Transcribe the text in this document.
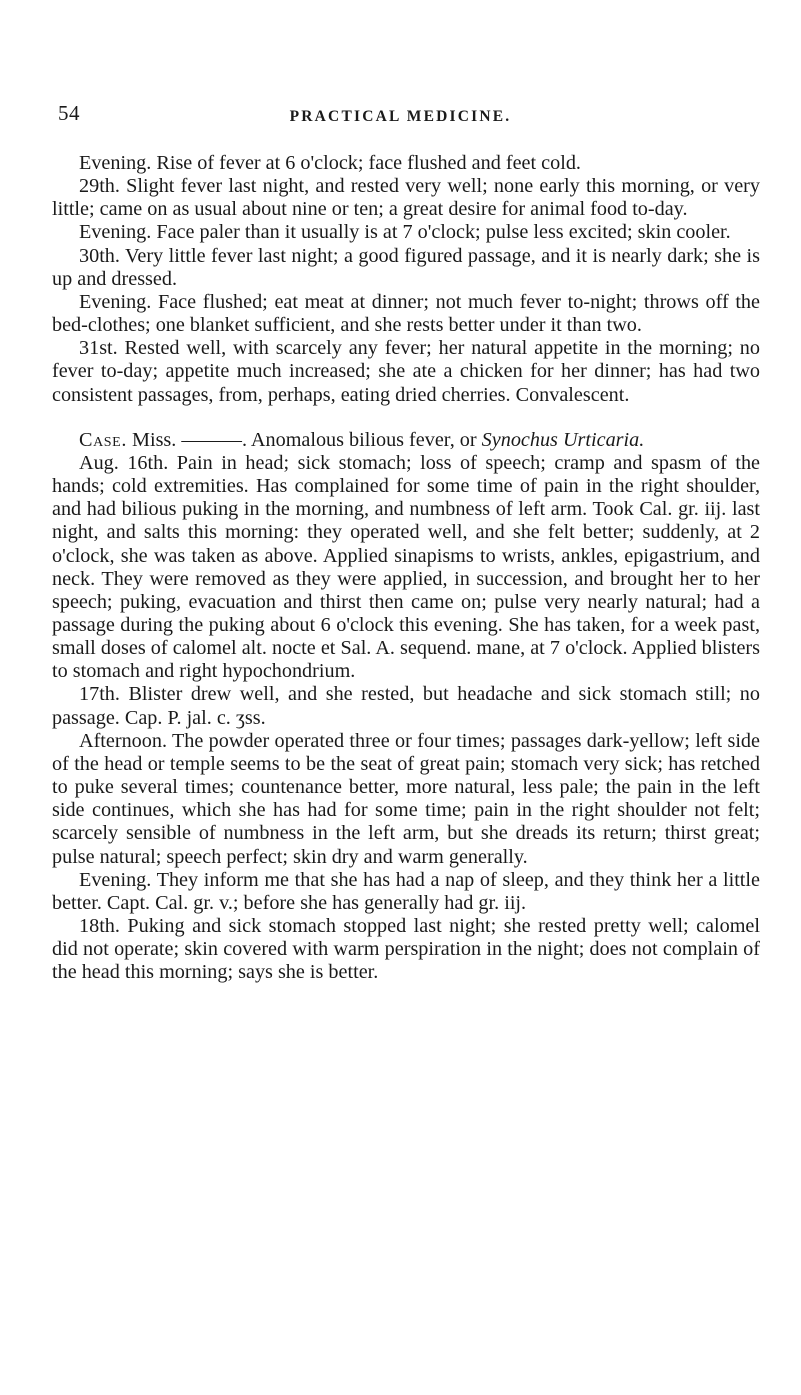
54	PRACTICAL MEDICINE.

Evening. Rise of fever at 6 o'clock; face flushed and feet cold.

29th. Slight fever last night, and rested very well; none early this morning, or very little; came on as usual about nine or ten; a great desire for animal food to-day.

Evening. Face paler than it usually is at 7 o'clock; pulse less excited; skin cooler.

30th. Very little fever last night; a good figured passage, and it is nearly dark; she is up and dressed.

Evening. Face flushed; eat meat at dinner; not much fever to-night; throws off the bed-clothes; one blanket sufficient, and she rests better under it than two.

31st. Rested well, with scarcely any fever; her natural appetite in the morning; no fever to-day; appetite much increased; she ate a chicken for her dinner; has had two consistent passages, from, perhaps, eating dried cherries. Convalescent.

Case. Miss. ———. Anomalous bilious fever, or Synochus Urticaria.

Aug. 16th. Pain in head; sick stomach; loss of speech; cramp and spasm of the hands; cold extremities. Has complained for some time of pain in the right shoulder, and had bilious puking in the morning, and numbness of left arm. Took Cal. gr. iij. last night, and salts this morning: they operated well, and she felt better; suddenly, at 2 o'clock, she was taken as above. Applied sinapisms to wrists, ankles, epigastrium, and neck. They were removed as they were applied, in succession, and brought her to her speech; puking, evacuation and thirst then came on; pulse very nearly natural; had a passage during the puking about 6 o'clock this evening. She has taken, for a week past, small doses of calomel alt. nocte et Sal. A. sequend. mane, at 7 o'clock. Applied blisters to stomach and right hypochondrium.

17th. Blister drew well, and she rested, but headache and sick stomach still; no passage. Cap. P. jal. c. ʒss.

Afternoon. The powder operated three or four times; passages dark-yellow; left side of the head or temple seems to be the seat of great pain; stomach very sick; has retched to puke several times; countenance better, more natural, less pale; the pain in the left side continues, which she has had for some time; pain in the right shoulder not felt; scarcely sensible of numbness in the left arm, but she dreads its return; thirst great; pulse natural; speech perfect; skin dry and warm generally.

Evening. They inform me that she has had a nap of sleep, and they think her a little better. Capt. Cal. gr. v.; before she has generally had gr. iij.

18th. Puking and sick stomach stopped last night; she rested pretty well; calomel did not operate; skin covered with warm perspiration in the night; does not complain of the head this morning; says she is better.
